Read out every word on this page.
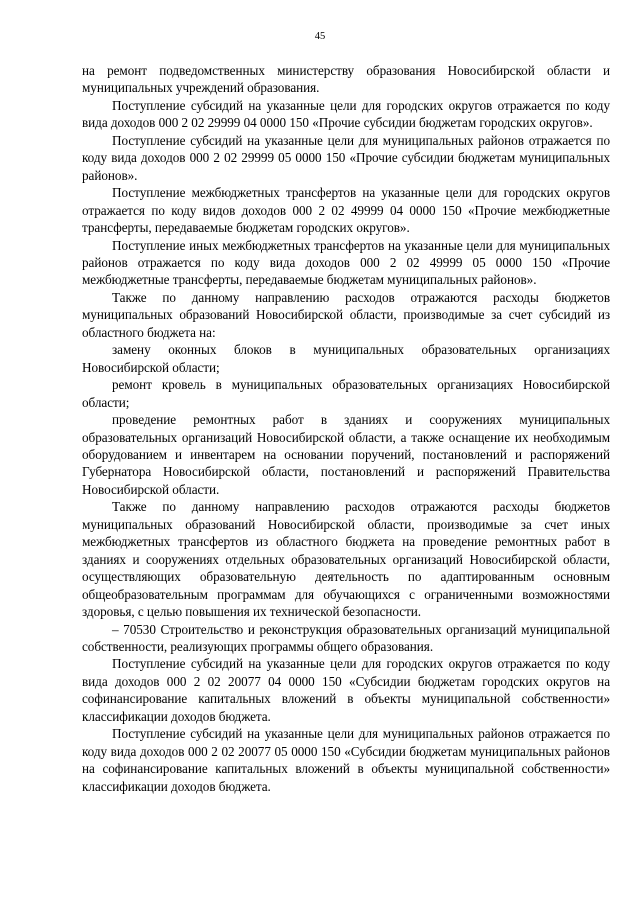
45

на ремонт подведомственных министерству образования Новосибирской области и муниципальных учреждений образования.

Поступление субсидий на указанные цели для городских округов отражается по коду вида доходов 000 2 02 29999 04 0000 150 «Прочие субсидии бюджетам городских округов».

Поступление субсидий на указанные цели для муниципальных районов отражается по коду вида доходов 000 2 02 29999 05 0000 150 «Прочие субсидии бюджетам муниципальных районов».

Поступление межбюджетных трансфертов на указанные цели для городских округов отражается по коду видов доходов 000 2 02 49999 04 0000 150 «Прочие межбюджетные трансферты, передаваемые бюджетам городских округов».

Поступление иных межбюджетных трансфертов на указанные цели для муниципальных районов отражается по коду вида доходов 000 2 02 49999 05 0000 150 «Прочие межбюджетные трансферты, передаваемые бюджетам муниципальных районов».

Также по данному направлению расходов отражаются расходы бюджетов муниципальных образований Новосибирской области, производимые за счет субсидий из областного бюджета на:

замену оконных блоков в муниципальных образовательных организациях Новосибирской области;

ремонт кровель в муниципальных образовательных организациях Новосибирской области;

проведение ремонтных работ в зданиях и сооружениях муниципальных образовательных организаций Новосибирской области, а также оснащение их необходимым оборудованием и инвентарем на основании поручений, постановлений и распоряжений Губернатора Новосибирской области, постановлений и распоряжений Правительства Новосибирской области.

Также по данному направлению расходов отражаются расходы бюджетов муниципальных образований Новосибирской области, производимые за счет иных межбюджетных трансфертов из областного бюджета на проведение ремонтных работ в зданиях и сооружениях отдельных образовательных организаций Новосибирской области, осуществляющих образовательную деятельность по адаптированным основным общеобразовательным программам для обучающихся с ограниченными возможностями здоровья, с целью повышения их технической безопасности.

– 70530 Строительство и реконструкция образовательных организаций муниципальной собственности, реализующих программы общего образования.

Поступление субсидий на указанные цели для городских округов отражается по коду вида доходов 000 2 02 20077 04 0000 150 «Субсидии бюджетам городских округов на софинансирование капитальных вложений в объекты муниципальной собственности» классификации доходов бюджета.

Поступление субсидий на указанные цели для муниципальных районов отражается по коду вида доходов 000 2 02 20077 05 0000 150 «Субсидии бюджетам муниципальных районов на софинансирование капитальных вложений в объекты муниципальной собственности» классификации доходов бюджета.
